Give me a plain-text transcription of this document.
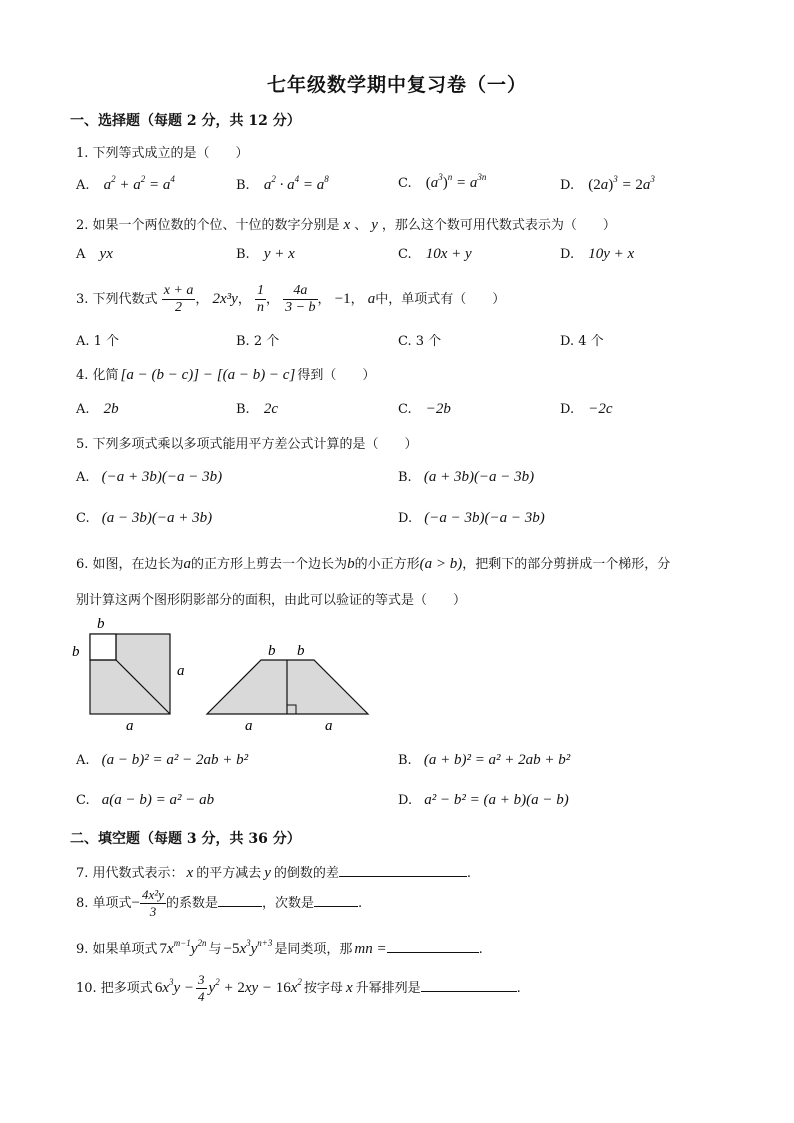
七年级数学期中复习卷（一）
一、选择题（每题 2 分，共 12 分）
1. 下列等式成立的是（　　）
A. $a^2 + a^2 = a^4$	B. $a^2 \cdot a^4 = a^8$	C. $(a^3)^n = a^{3n}$
D. $(2a)^3 = 2a^3$
2. 如果一个两位数的个位、十位的数字分别是 x 、 y ，那么这个数可用代数式表示为（　　）
A yx	B. y + x	C. 10x + y	D. 10y + x
3. 下列代数式 $\frac{x + a}{2}$ ， 2x³y， $\frac{1}{n}$ ， $\frac{4a}{3 - b}$ ， −1， a中，单项式有（　　）
A. 1 个	B. 2 个	C. 3 个	D. 4 个
4. 化简 [a − (b − c)] − [(a − b) − c] 得到（　　）
A. 2b	B. 2c	C. −2b	D. −2c
5. 下列多项式乘以多项式能用平方差公式计算的是（　　）
A. (−a + 3b)(−a − 3b)	B. (a + 3b)(−a − 3b)
C. (a − 3b)(−a + 3b)	D. (−a − 3b)(−a − 3b)
6. 如图，在边长为a的正方形上剪去一个边长为b的小正方形(a > b)，把剩下的部分剪拼成一个梯形，分
别计算这两个图形阴影部分的面积，由此可以验证的等式是（　　）
b
b
a
a
b b
a	a
A. (a − b)² = a² − 2ab + b²	B. (a + b)² = a² + 2ab + b²
C. a(a − b) = a² − ab	D. a² − b² = (a + b)(a − b)
二、填空题（每题 3 分，共 36 分）
7. 用代数式表示： x 的平方减去 y 的倒数的差	.
8. 单项式− $\frac{\text{4x²y}}{3}$ 的系数是	，次数是	.
9. 如果单项式 $7x^{m-1}y^{2n}$ 与 $-5x^3y^{n+3}$ 是同类项，那 mn =	.
10. 把多项式 $6x^3y - \frac{3}{4} y^2 + 2xy - 16x^2$ 按字母 x 升幂排列是	.
